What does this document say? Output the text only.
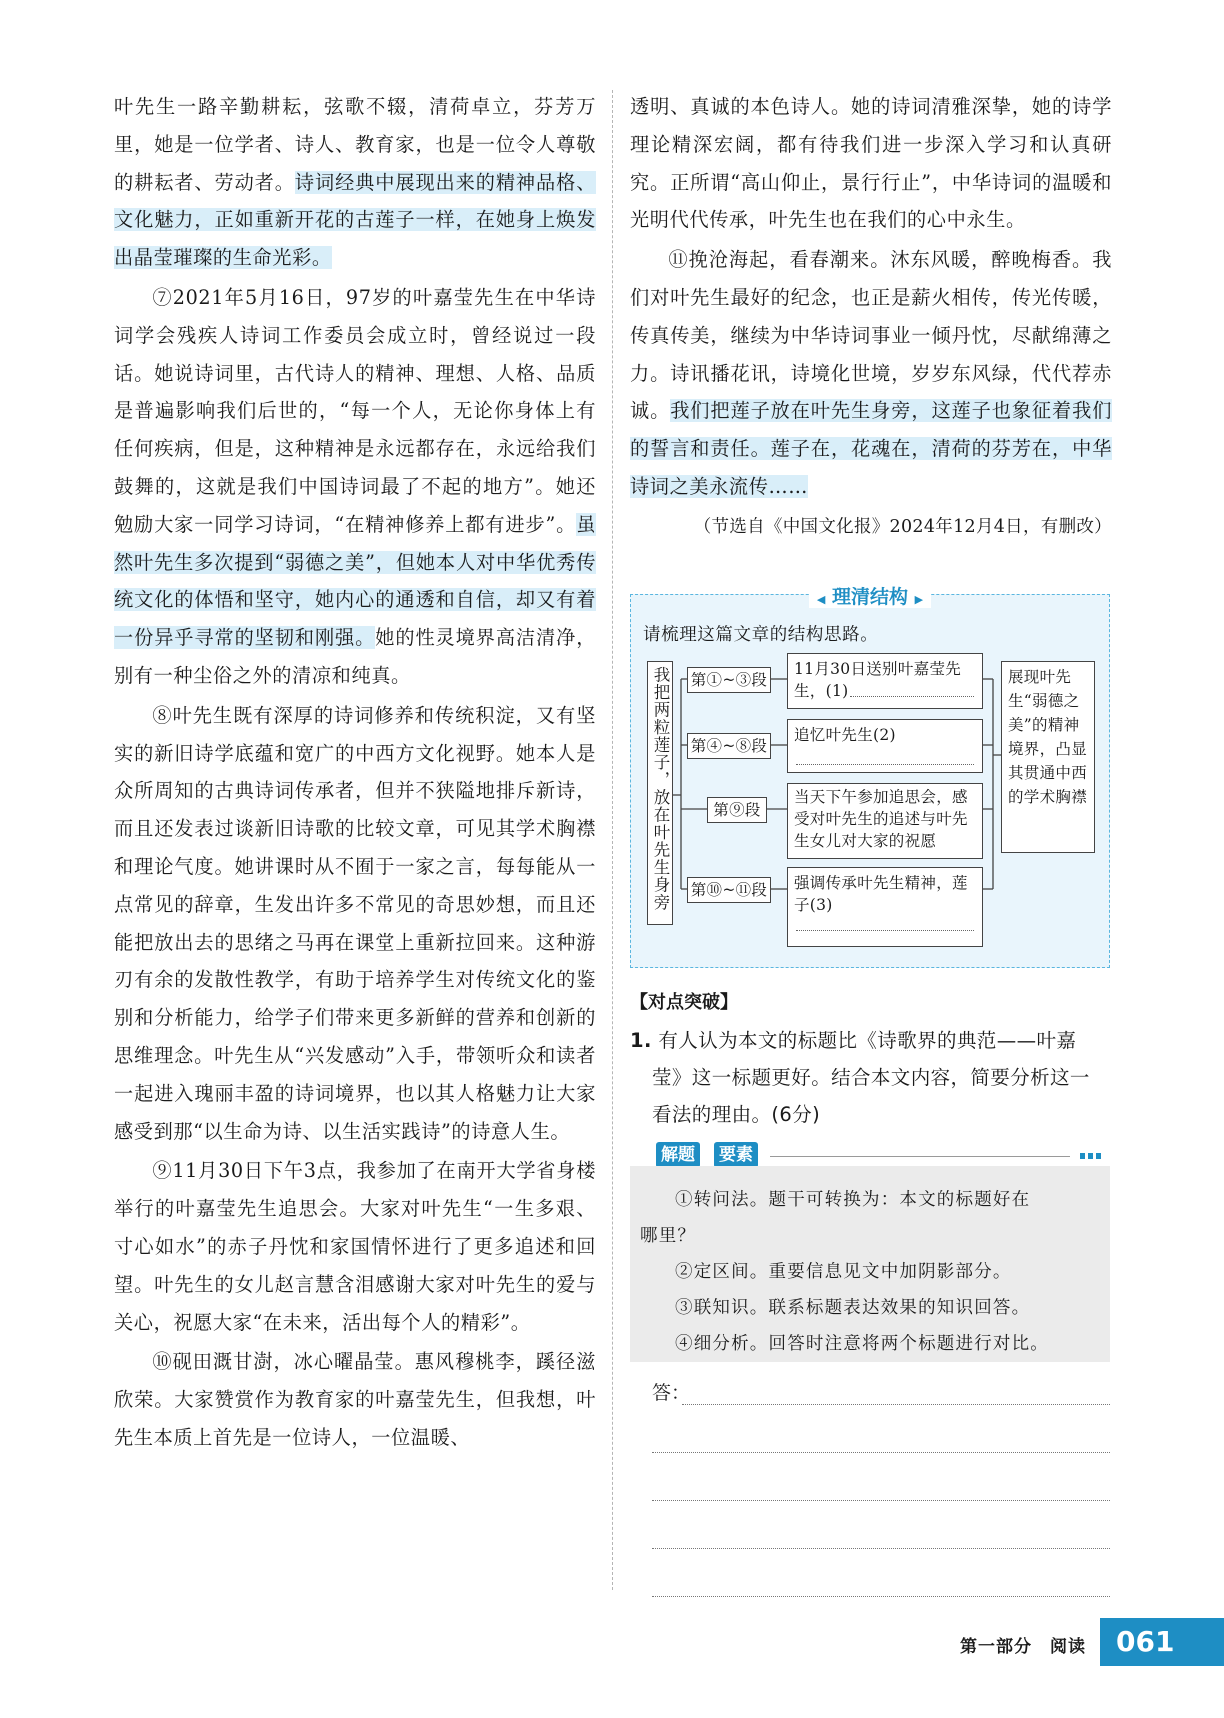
叶先生一路辛勤耕耘，弦歌不辍，清荷卓立，芬芳万里，她是一位学者、诗人、教育家，也是一位令人尊敬的耕耘者、劳动者。诗词经典中展现出来的精神品格、文化魅力，正如重新开花的古莲子一样，在她身上焕发出晶莹璀璨的生命光彩。

⑦2021年5月16日，97岁的叶嘉莹先生在中华诗词学会残疾人诗词工作委员会成立时，曾经说过一段话。她说诗词里，古代诗人的精神、理想、人格、品质是普遍影响我们后世的，“每一个人，无论你身体上有任何疾病，但是，这种精神是永远都存在，永远给我们鼓舞的，这就是我们中国诗词最了不起的地方”。她还勉励大家一同学习诗词，“在精神修养上都有进步”。虽然叶先生多次提到“弱德之美”，但她本人对中华优秀传统文化的体悟和坚守，她内心的通透和自信，却又有着一份异乎寻常的坚韧和刚强。她的性灵境界高洁清净，别有一种尘俗之外的清凉和纯真。

⑧叶先生既有深厚的诗词修养和传统积淀，又有坚实的新旧诗学底蕴和宽广的中西方文化视野。她本人是众所周知的古典诗词传承者，但并不狭隘地排斥新诗，而且还发表过谈新旧诗歌的比较文章，可见其学术胸襟和理论气度。她讲课时从不囿于一家之言，每每能从一点常见的辞章，生发出许多不常见的奇思妙想，而且还能把放出去的思绪之马再在课堂上重新拉回来。这种游刃有余的发散性教学，有助于培养学生对传统文化的鉴别和分析能力，给学子们带来更多新鲜的营养和创新的思维理念。叶先生从“兴发感动”入手，带领听众和读者一起进入瑰丽丰盈的诗词境界，也以其人格魅力让大家感受到那“以生命为诗、以生活实践诗”的诗意人生。

⑨11月30日下午3点，我参加了在南开大学省身楼举行的叶嘉莹先生追思会。大家对叶先生“一生多艰、寸心如水”的赤子丹忱和家国情怀进行了更多追述和回望。叶先生的女儿赵言慧含泪感谢大家对叶先生的爱与关心，祝愿大家“在未来，活出每个人的精彩”。

⑩砚田溉甘澍，冰心曜晶莹。惠风穆桃李，蹊径滋欣荣。大家赞赏作为教育家的叶嘉莹先生，但我想，叶先生本质上首先是一位诗人，一位温暖、

透明、真诚的本色诗人。她的诗词清雅深挚，她的诗学理论精深宏阔，都有待我们进一步深入学习和认真研究。正所谓“高山仰止，景行行止”，中华诗词的温暖和光明代代传承，叶先生也在我们的心中永生。

⑪挽沧海起，看春潮来。沐东风暖，醉晚梅香。我们对叶先生最好的纪念，也正是薪火相传，传光传暖，传真传美，继续为中华诗词事业一倾丹忱，尽献绵薄之力。诗讯播花讯，诗境化世境，岁岁东风绿，代代荐赤诚。我们把莲子放在叶先生身旁，这莲子也象征着我们的誓言和责任。莲子在，花魂在，清荷的芬芳在，中华诗词之美永流传……

（节选自《中国文化报》2024年12月4日，有删改）

◀ 理清结构 ▶
请梳理这篇文章的结构思路。
我把两粒莲子，放在叶先生身旁 第①~③段
第④~⑧段
第⑨段
第⑩~⑪段
11月30日送别叶嘉莹先生，(1)
追忆叶先生(2)
当天下午参加追思会，感受对叶先生的追述与叶先生女儿对大家的祝愿
强调传承叶先生精神，莲子(3)
展现叶先生“弱德之美”的精神境界，凸显其贯通中西的学术胸襟
【对点突破】
1. 有人认为本文的标题比《诗歌界的典范——叶嘉
莹》这一标题更好。结合本文内容，简要分析这一
看法的理由。(6分)
解题 要素
①转问法。题干可转换为：本文的标题好在
哪里？
②定区间。重要信息见文中加阴影部分。
③联知识。联系标题表达效果的知识回答。
④细分析。回答时注意将两个标题进行对比。
答：
第一部分　阅读	061
